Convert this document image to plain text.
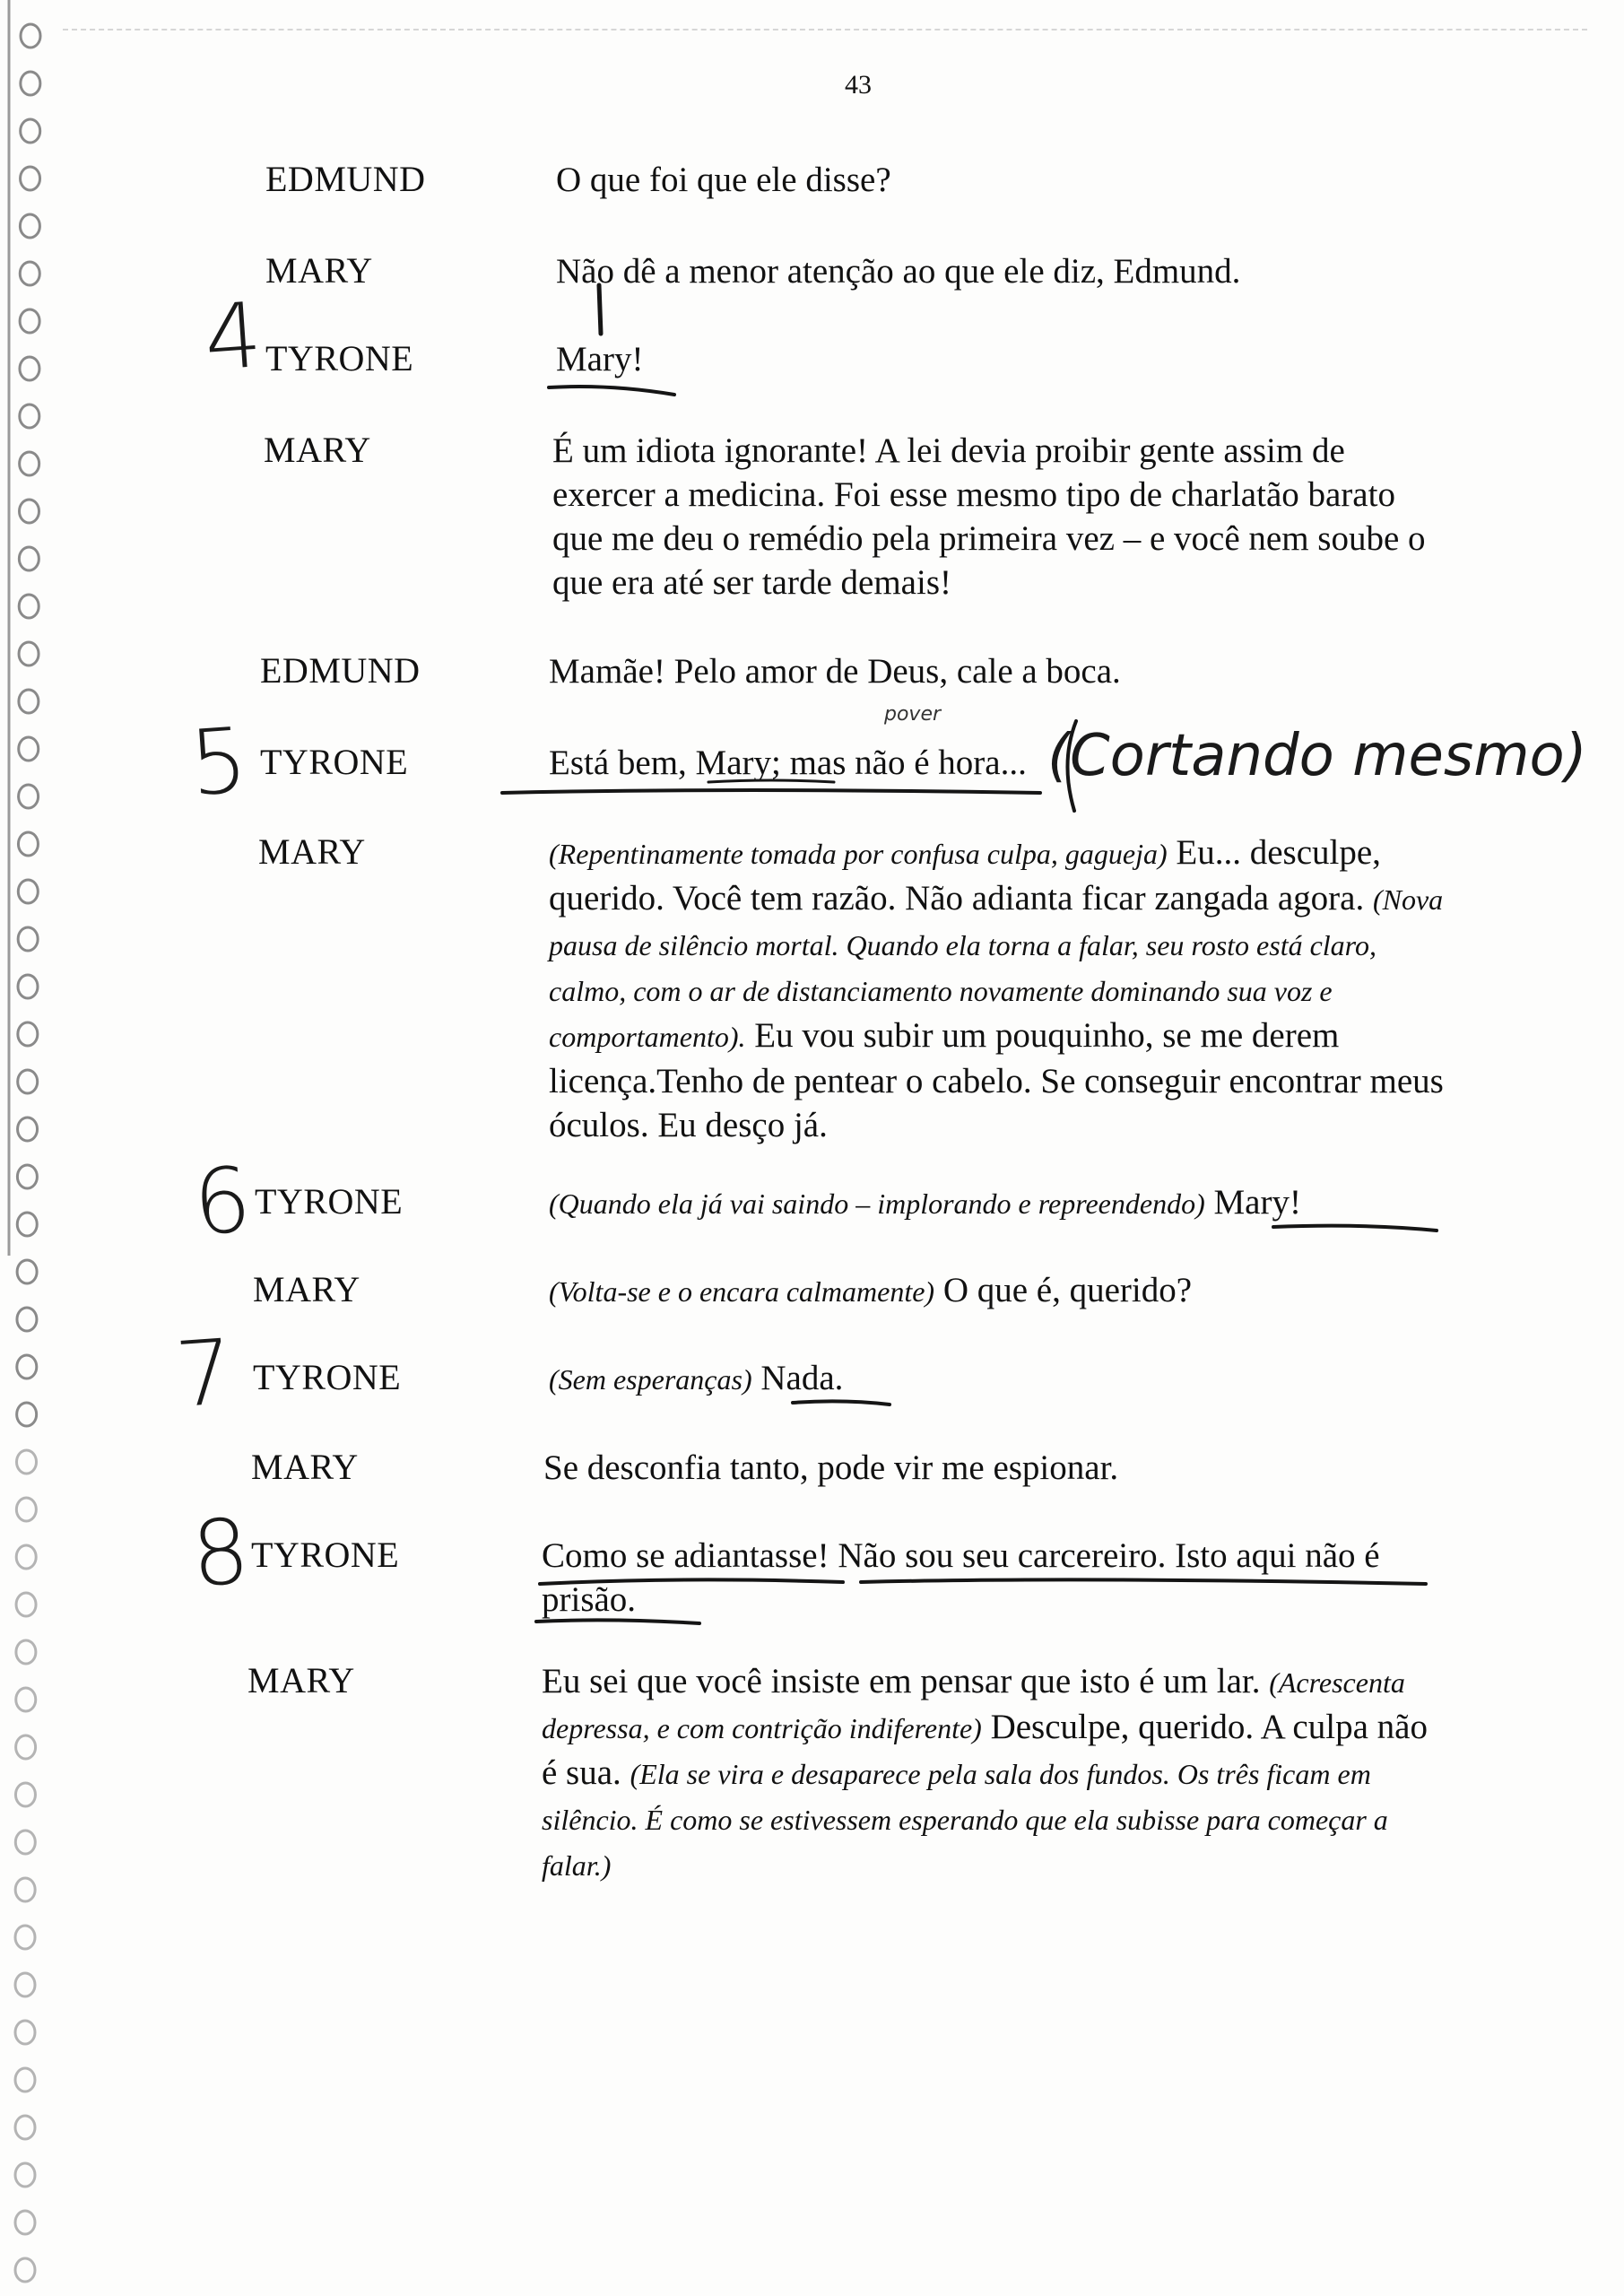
43
EDMUND	O que foi que ele disse?
MARY	Não dê a menor atenção ao que ele diz, Edmund.
4 TYRONE	Mary!
MARY	É um idiota ignorante! A lei devia proibir gente assim de exercer a medicina. Foi esse mesmo tipo de charlatão barato que me deu o remédio pela primeira vez – e você nem soube o que era até ser tarde demais!
EDMUND	Mamãe! Pelo amor de Deus, cale a boca.
5 TYRONE	Está bem, Mary; mas não é hora...
pover
(Cortando mesmo)
MARY	(Repentinamente tomada por confusa culpa, gagueja) Eu... desculpe, querido. Você tem razão. Não adianta ficar zangada agora. (Nova pausa de silêncio mortal. Quando ela torna a falar, seu rosto está claro, calmo, com o ar de distanciamento novamente dominando sua voz e comportamento). Eu vou subir um pouquinho, se me derem licença.Tenho de pentear o cabelo. Se conseguir encontrar meus óculos. Eu desço já.
6 TYRONE	(Quando ela já vai saindo – implorando e repreendendo) Mary!
MARY	(Volta-se e o encara calmamente) O que é, querido?
7 TYRONE	(Sem esperanças) Nada.
MARY	Se desconfia tanto, pode vir me espionar.
8
TYRONE	Como se adiantasse! Não sou seu carcereiro. Isto aqui não é prisão.
MARY	Eu sei que você insiste em pensar que isto é um lar. (Acrescenta depressa, e com contrição indiferente) Desculpe, querido. A culpa não é sua. (Ela se vira e desaparece pela sala dos fundos. Os três ficam em silêncio. É como se estivessem esperando que ela subisse para começar a falar.)
